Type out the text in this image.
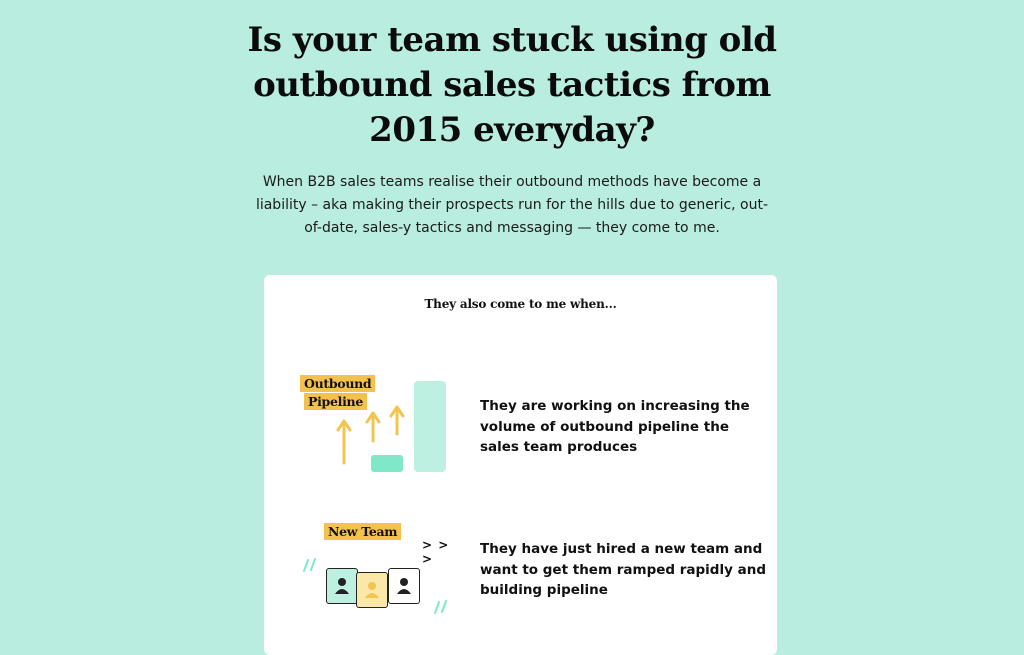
Is your team stuck using old outbound sales tactics from 2015 everyday?

When B2B sales teams realise their outbound methods have become a liability – aka making their prospects run for the hills due to generic, out-of-date, sales-y tactics and messaging — they come to me.

They also come to me when...
Outbound
Pipeline	They are working on increasing the volume of outbound pipeline the sales team produces
New Team
> > >
They have just hired a new team and want to get them ramped rapidly and building pipeline
